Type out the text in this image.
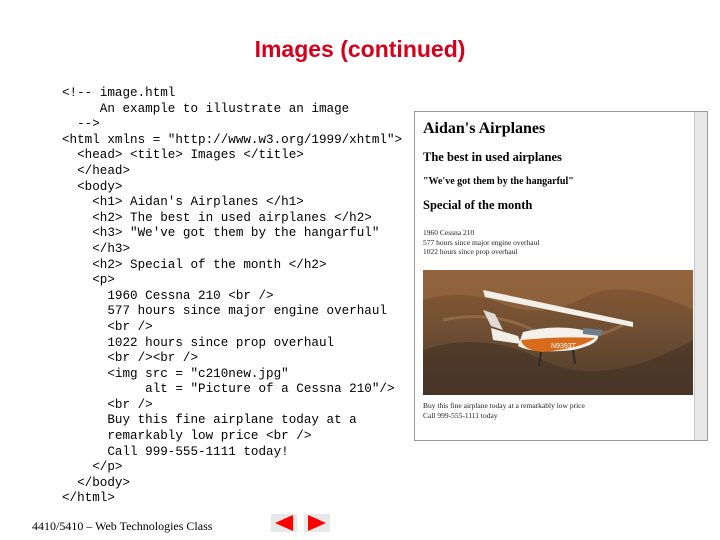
Images (continued)
<!-- image.html
An example to illustrate an image
-->
<html xmlns = "http://www.w3.org/1999/xhtml">
<head> <title> Images </title>
</head>
<body>
<h1> Aidan's Airplanes </h1>
<h2> The best in used airplanes </h2>
<h3> "We've got them by the hangarful"
</h3>
<h2> Special of the month </h2>
<p>
1960 Cessna 210 <br />
577 hours since major engine overhaul
<br />
1022 hours since prop overhaul
<br /><br />
<img src = "c210new.jpg"
alt = "Picture of a Cessna 210"/>
<br />
Buy this fine airplane today at a
remarkably low price <br />
Call 999-555-1111 today!
</p>
</body>
</html>
Aidan's Airplanes
The best in used airplanes
"We've got them by the hangarful"
Special of the month
1960 Cessna 210
577 hours since major engine overhaul
1022 hours since prop overhaul
N9393T
Buy this fine airplane today at a remarkably low price
Call 999-555-1111 today
4410/5410 – Web Technologies Class
